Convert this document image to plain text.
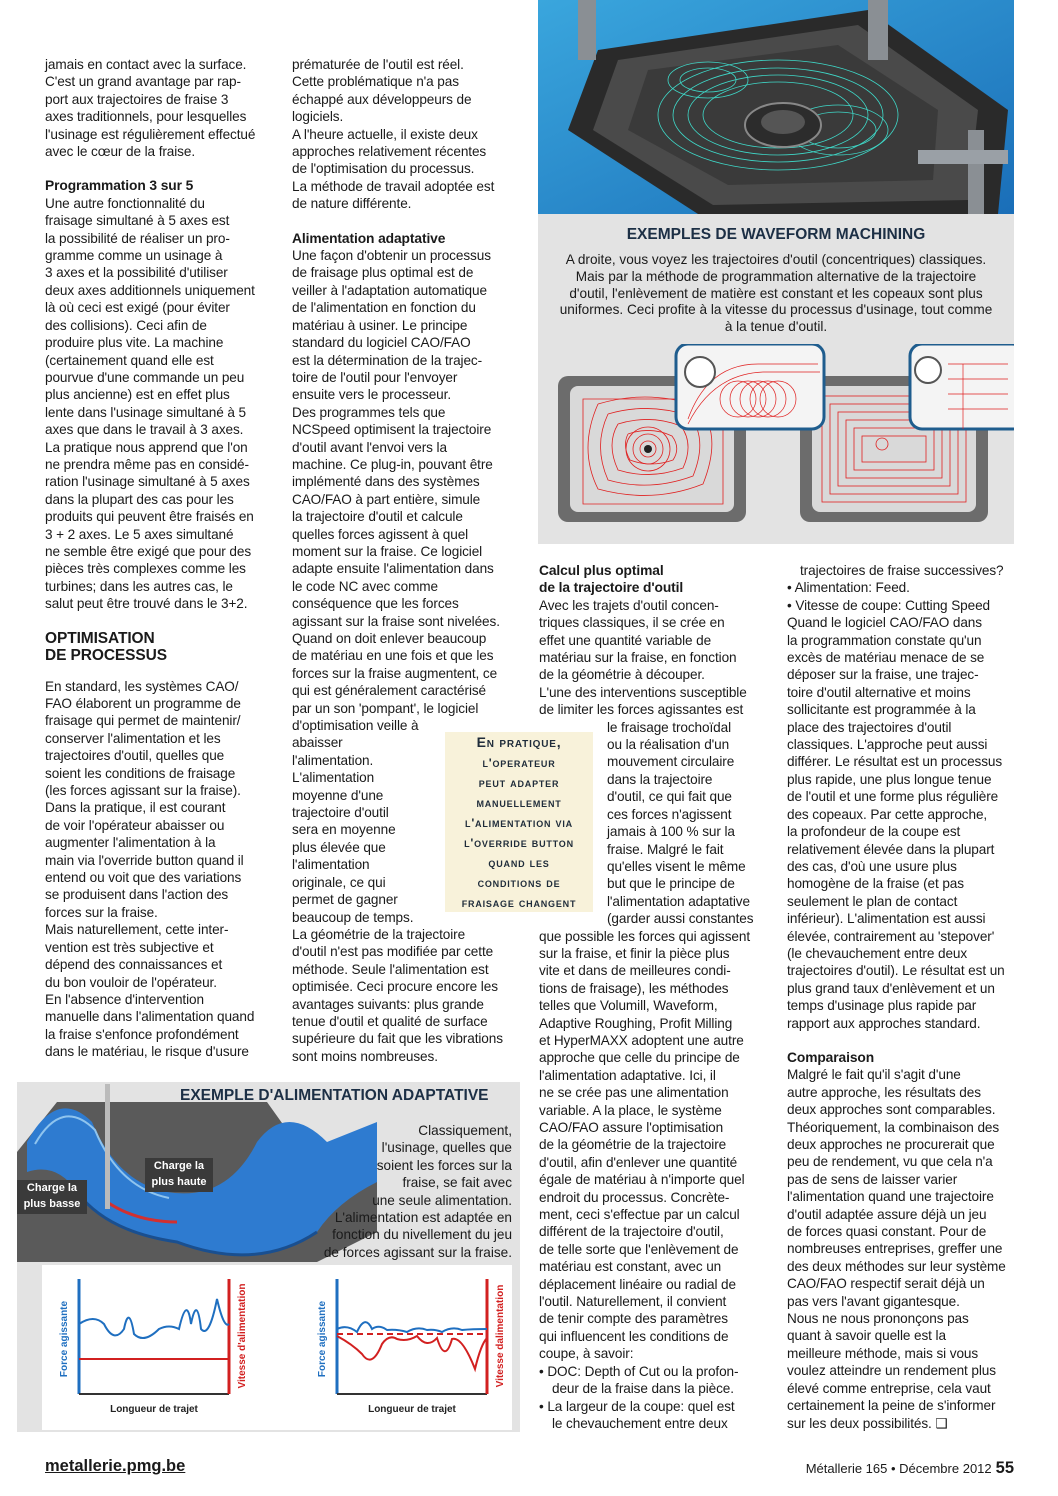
EXEMPLES DE WAVEFORM MACHINING

A droite, vous voyez les trajectoires d'outil (concentriques) classiques.
Mais par la méthode de programmation alternative de la trajectoire
d'outil, l'enlèvement de matière est constant et les copeaux sont plus
uniformes. Ceci profite à la vitesse du processus d'usinage, tout comme
à la tenue d'outil.

jamais en contact avec la surface.
C'est un grand avantage par rap-
port aux trajectoires de fraise 3
axes traditionnels, pour lesquelles
l'usinage est régulièrement effectué
avec le cœur de la fraise.

Programmation 3 sur 5

Une autre fonctionnalité du
fraisage simultané à 5 axes est
la possibilité de réaliser un pro-
gramme comme un usinage à
3 axes et la possibilité d'utiliser
deux axes additionnels uniquement
là où ceci est exigé (pour éviter
des collisions). Ceci afin de
produire plus vite. La machine
(certainement quand elle est
pourvue d'une commande un peu
plus ancienne) est en effet plus
lente dans l'usinage simultané à 5
axes que dans le travail à 3 axes.
La pratique nous apprend que l'on
ne prendra même pas en considé-
ration l'usinage simultané à 5 axes
dans la plupart des cas pour les
produits qui peuvent être fraisés en
3 + 2 axes. Le 5 axes simultané
ne semble être exigé que pour des
pièces très complexes comme les
turbines; dans les autres cas, le
salut peut être trouvé dans le 3+2.

OPTIMISATION
DE PROCESSUS

En standard, les systèmes CAO/
FAO élaborent un programme de
fraisage qui permet de maintenir/
conserver l'alimentation et les
trajectoires d'outil, quelles que
soient les conditions de fraisage
(les forces agissant sur la fraise).
Dans la pratique, il est courant
de voir l'opérateur abaisser ou
augmenter l'alimentation à la
main via l'override button quand il
entend ou voit que des variations
se produisent dans l'action des
forces sur la fraise.
Mais naturellement, cette inter-
vention est très subjective et
dépend des connaissances et
du bon vouloir de l'opérateur.
En l'absence d'intervention
manuelle dans l'alimentation quand
la fraise s'enfonce profondément
dans le matériau, le risque d'usure

prématurée de l'outil est réel.
Cette problématique n'a pas
échappé aux développeurs de
logiciels.
A l'heure actuelle, il existe deux
approches relativement récentes
de l'optimisation du processus.
La méthode de travail adoptée est
de nature différente.

Alimentation adaptative

Une façon d'obtenir un processus
de fraisage plus optimal est de
veiller à l'adaptation automatique
de l'alimentation en fonction du
matériau à usiner. Le principe
standard du logiciel CAO/FAO
est la détermination de la trajec-
toire de l'outil pour l'envoyer
ensuite vers le processeur.
Des programmes tels que
NCSpeed optimisent la trajectoire
d'outil avant l'envoi vers la
machine. Ce plug-in, pouvant être
implémenté dans des systèmes
CAO/FAO à part entière, simule
la trajectoire d'outil et calcule
quelles forces agissent à quel
moment sur la fraise. Ce logiciel
adapte ensuite l'alimentation dans
le code NC avec comme
conséquence que les forces
agissant sur la fraise sont nivelées.
Quand on doit enlever beaucoup
de matériau en une fois et que les
forces sur la fraise augmentent, ce
qui est généralement caractérisé
par un son 'pompant', le logiciel
d'optimisation veille à
abaisser
l'alimentation.
L'alimentation
moyenne d'une
trajectoire d'outil
sera en moyenne
plus élevée que
l'alimentation
originale, ce qui
permet de gagner
beaucoup de temps.
La géométrie de la trajectoire
d'outil n'est pas modifiée par cette
méthode. Seule l'alimentation est
optimisée. Ceci procure encore les
avantages suivants: plus grande
tenue d'outil et qualité de surface
supérieure du fait que les vibrations
sont moins nombreuses.

En pratique,
l'operateur
peut adapter
manuellement
l'alimentation via
l'override button
quand les
conditions de
fraisage changent
Calcul plus optimal
de la trajectoire d'outil

Avec les trajets d'outil concen-
triques classiques, il se crée en
effet une quantité variable de
matériau sur la fraise, en fonction
de la géométrie à découper.
L'une des interventions susceptible
de limiter les forces agissantes est

le fraisage trochoïdal
ou la réalisation d'un
mouvement circulaire
dans la trajectoire
d'outil, ce qui fait que
ces forces n'agissent
jamais à 100 % sur la
fraise. Malgré le fait
qu'elles visent le même
but que le principe de
l'alimentation adaptative
(garder aussi constantes

que possible les forces qui agissent
sur la fraise, et finir la pièce plus
vite et dans de meilleures condi-
tions de fraisage), les méthodes
telles que Volumill, Waveform,
Adaptive Roughing, Profit Milling
et HyperMAXX adoptent une autre
approche que celle du principe de
l'alimentation adaptative. Ici, il
ne se crée pas une alimentation
variable. A la place, le système
CAO/FAO assure l'optimisation
de la géométrie de la trajectoire
d'outil, afin d'enlever une quantité
égale de matériau à n'importe quel
endroit du processus. Concrète-
ment, ceci s'effectue par un calcul
différent de la trajectoire d'outil,
de telle sorte que l'enlèvement de
matériau est constant, avec un
déplacement linéaire ou radial de
l'outil. Naturellement, il convient
de tenir compte des paramètres
qui influencent les conditions de
coupe, à savoir:

• DOC: Depth of Cut ou la profon-
deur de la fraise dans la pièce.
• La largeur de la coupe: quel est
le chevauchement entre deux

trajectoires de fraise successives?

• Alimentation: Feed.
• Vitesse de coupe: Cutting Speed

Quand le logiciel CAO/FAO dans
la programmation constate qu'un
excès de matériau menace de se
déposer sur la fraise, une trajec-
toire d'outil alternative et moins
sollicitante est programmée à la
place des trajectoires d'outil
classiques. L'approche peut aussi
différer. Le résultat est un processus
plus rapide, une plus longue tenue
de l'outil et une forme plus régulière
des copeaux. Par cette approche,
la profondeur de la coupe est
relativement élevée dans la plupart
des cas, d'où une usure plus
homogène de la fraise (et pas
seulement le plan de contact
inférieur). L'alimentation est aussi
élevée, contrairement au 'stepover'
(le chevauchement entre deux
trajectoires d'outil). Le résultat est un
plus grand taux d'enlèvement et un
temps d'usinage plus rapide par
rapport aux approches standard.

Comparaison

Malgré le fait qu'il s'agit d'une
autre approche, les résultats des
deux approches sont comparables.
Théoriquement, la combinaison des
deux approches ne procurerait que
peu de rendement, vu que cela n'a
pas de sens de laisser varier
l'alimentation quand une trajectoire
d'outil adaptée assure déjà un jeu
de forces quasi constant. Pour de
nombreuses entreprises, greffer une
des deux méthodes sur leur système
CAO/FAO respectif serait déjà un
pas vers l'avant gigantesque.
Nous ne nous prononçons pas
quant à savoir quelle est la
meilleure méthode, mais si vous
voulez atteindre un rendement plus
élevé comme entreprise, cela vaut
certainement la peine de s'informer
sur les deux possibilités. ❑

EXEMPLE D'ALIMENTATION ADAPTATIVE
Classiquement,
l'usinage, quelles que
soient les forces sur la
fraise, se fait avec
une seule alimentation.
L'alimentation est adaptée en
fonction du nivellement du jeu
de forces agissant sur la fraise.
Charge la
plus basse
Charge la
plus haute
Force agissante	Vitesse d'alimentation
Longueur de trajet
Force agissante	Vitesse dalimentation
Longueur de trajet
metallerie.pmg.be	Métallerie 165 • Décembre 2012 55
